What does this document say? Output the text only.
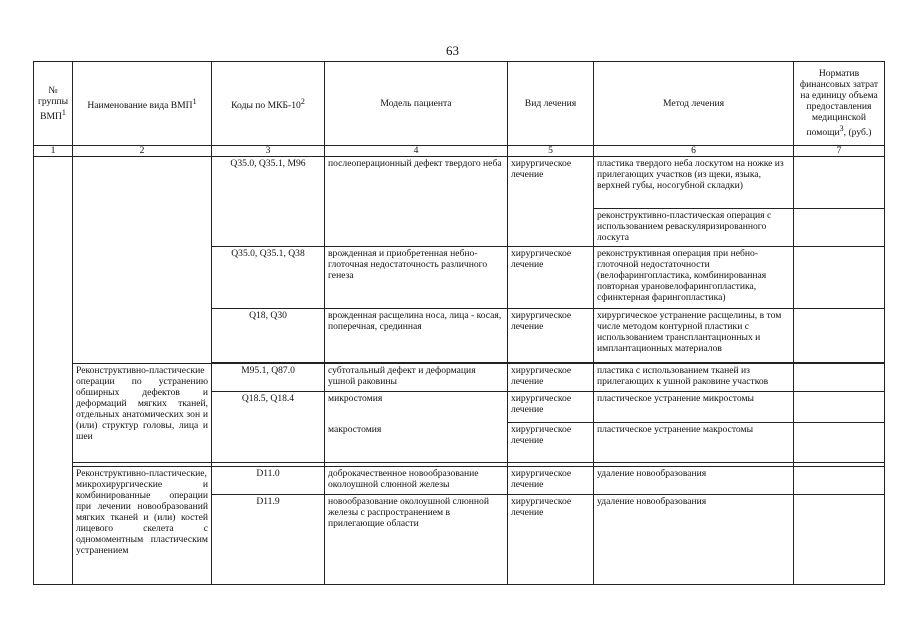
63
№ группы ВМП$^1$	Наименование вида ВМП$^1$	Коды по МКБ-$10^2$	Модель пациента	Вид лечения	Метод лечения	Норматив финансовых затрат на единицу объема предоставления медицинской помощи$^3$, (руб.)
1	2	3	4	5	6	7
		Q35.0, Q35.1, M96	послеоперационный дефект твердого неба	хирургическое лечение	пластика твердого неба лоскутом на ножке из прилегающих участков (из щеки, языка, верхней губы, носогубной складки)	
					реконструктивно-пластическая операция с использованием реваскуляризированного лоскута	
		Q35.0, Q35.1, Q38	врожденная и приобретенная небно-глоточная недостаточность различного генеза	хирургическое лечение	реконструктивная операция при небно-глоточной недостаточности (велофарингопластика, комбинированная повторная урановелофарингопластика, сфинктерная фарингопластика)	
		Q18, Q30	врожденная расщелина носа, лица - косая, поперечная, срединная	хирургическое лечение	хирургическое устранение расщелины, в том числе методом контурной пластики с использованием трансплантационных и имплантационных материалов	

	Реконструктивно-пластические операции по устранению обширных дефектов и деформаций мягких тканей, отдельных анатомических зон и (или) структур головы, лица и шеи	M95.1, Q87.0	субтотальный дефект и деформация ушной раковины	хирургическое лечение	пластика с использованием тканей из прилегающих к ушной раковине участков	
		Q18.5, Q18.4	микростомия	хирургическое лечение	пластическое устранение микростомы	
			макростомия	хирургическое лечение	пластическое устранение макростомы	

	Реконструктивно-пластические, микрохирургические и комбинированные операции при лечении новообразований мягких тканей и (или) костей лицевого скелета с одномоментным пластическим устранением	D11.0	доброкачественное новообразование околоушной слюнной железы	хирургическое лечение	удаление новообразования	
		D11.9	новообразование околоушной слюнной железы с распространением в прилегающие области	хирургическое лечение	удаление новообразования	
